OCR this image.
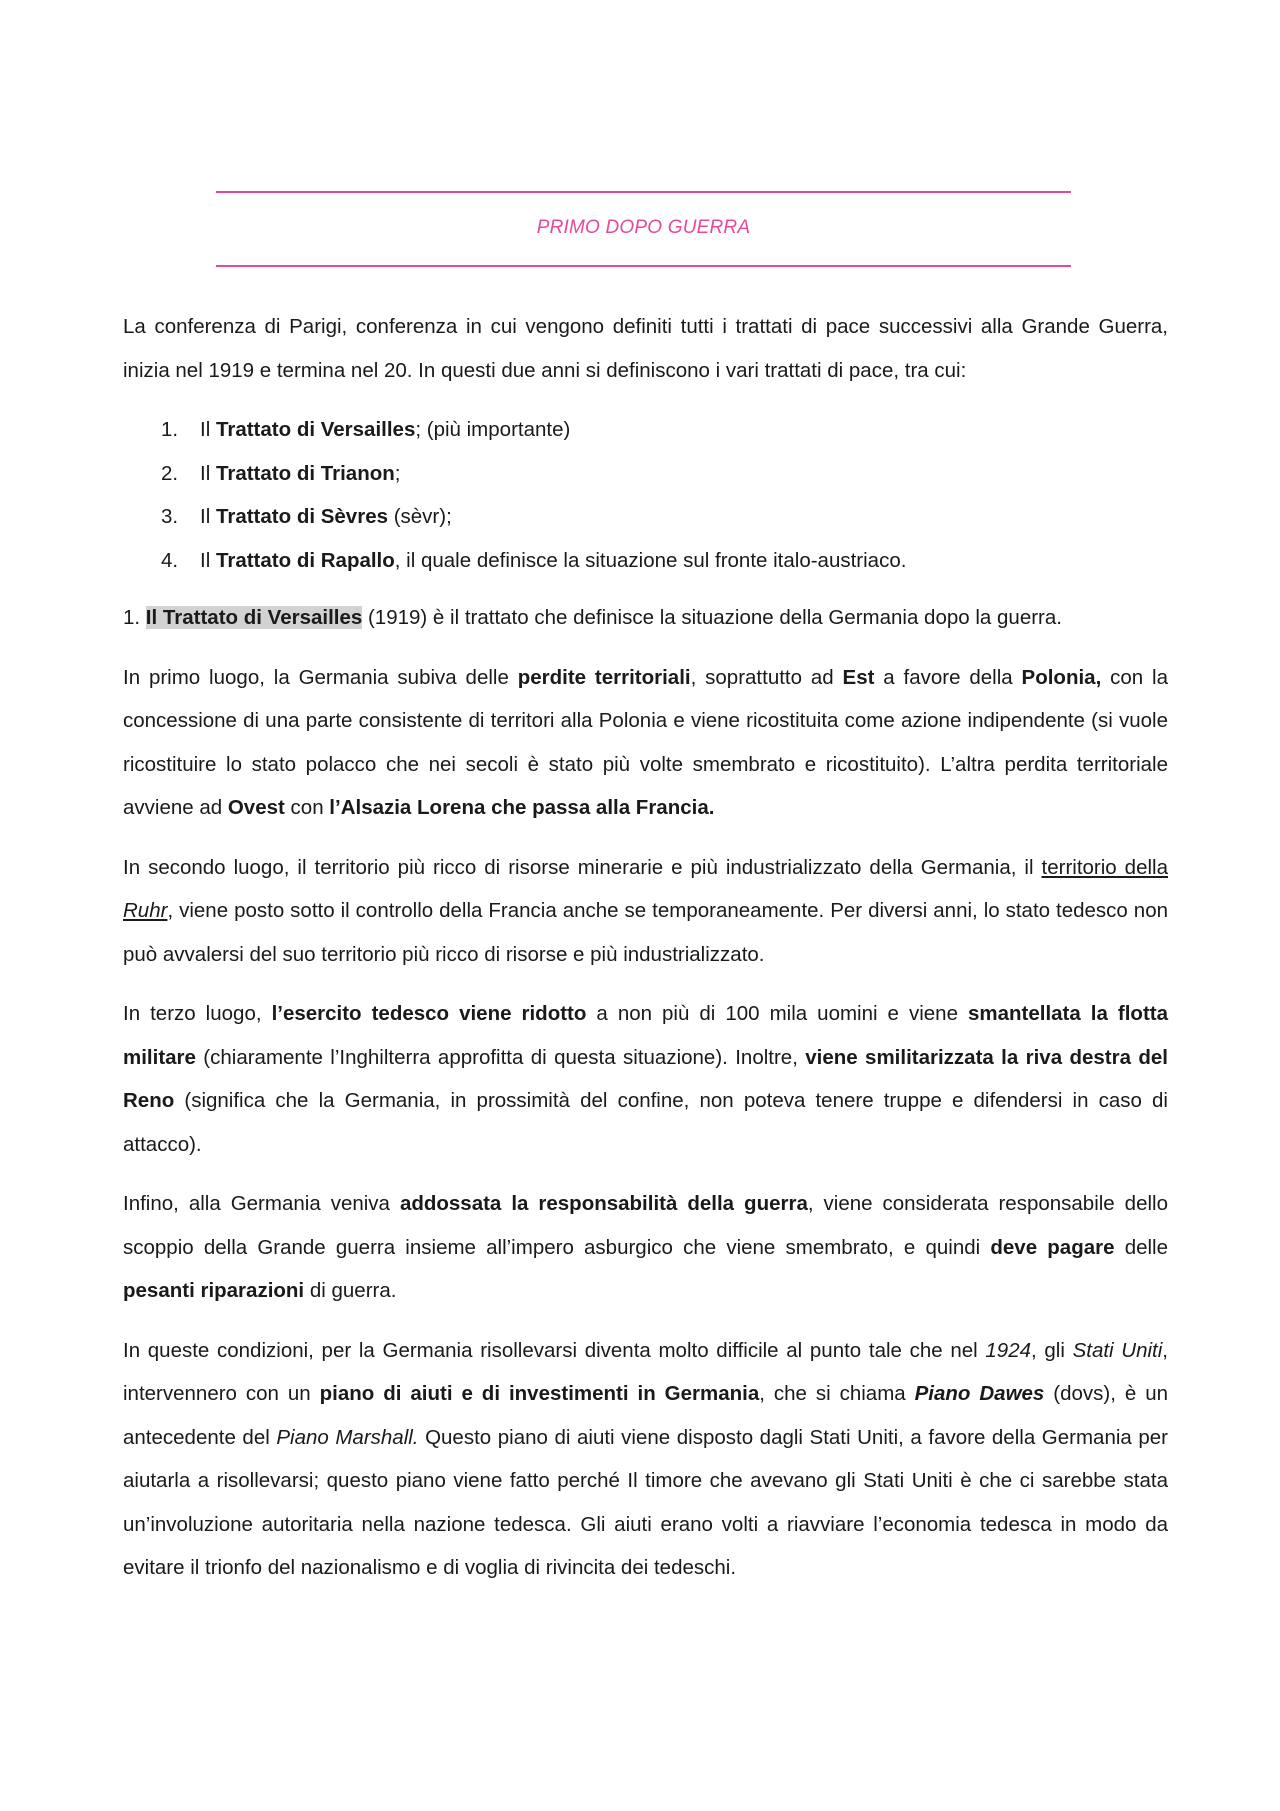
PRIMO DOPO GUERRA

La conferenza di Parigi, conferenza in cui vengono definiti tutti i trattati di pace successivi alla Grande Guerra, inizia nel 1919 e termina nel 20. In questi due anni si definiscono i vari trattati di pace, tra cui:

1. Il Trattato di Versailles; (più importante)
2. Il Trattato di Trianon;
3. Il Trattato di Sèvres (sèvr);
4. Il Trattato di Rapallo, il quale definisce la situazione sul fronte italo-austriaco.

1. Il Trattato di Versailles (1919) è il trattato che definisce la situazione della Germania dopo la guerra.

In primo luogo, la Germania subiva delle perdite territoriali, soprattutto ad Est a favore della Polonia, con la concessione di una parte consistente di territori alla Polonia e viene ricostituita come azione indipendente (si vuole ricostituire lo stato polacco che nei secoli è stato più volte smembrato e ricostituito). L’altra perdita territoriale avviene ad Ovest con l’Alsazia Lorena che passa alla Francia.

In secondo luogo, il territorio più ricco di risorse minerarie e più industrializzato della Germania, il territorio della Ruhr, viene posto sotto il controllo della Francia anche se temporaneamente. Per diversi anni, lo stato tedesco non può avvalersi del suo territorio più ricco di risorse e più industrializzato.

In terzo luogo, l’esercito tedesco viene ridotto a non più di 100 mila uomini e viene smantellata la flotta militare (chiaramente l’Inghilterra approfitta di questa situazione). Inoltre, viene smilitarizzata la riva destra del Reno (significa che la Germania, in prossimità del confine, non poteva tenere truppe e difendersi in caso di attacco).

Infino, alla Germania veniva addossata la responsabilità della guerra, viene considerata responsabile dello scoppio della Grande guerra insieme all’impero asburgico che viene smembrato, e quindi deve pagare delle pesanti riparazioni di guerra.

In queste condizioni, per la Germania risollevarsi diventa molto difficile al punto tale che nel 1924, gli Stati Uniti, intervennero con un piano di aiuti e di investimenti in Germania, che si chiama Piano Dawes (dovs), è un antecedente del Piano Marshall. Questo piano di aiuti viene disposto dagli Stati Uniti, a favore della Germania per aiutarla a risollevarsi; questo piano viene fatto perché Il timore che avevano gli Stati Uniti è che ci sarebbe stata un’involuzione autoritaria nella nazione tedesca. Gli aiuti erano volti a riavviare l’economia tedesca in modo da evitare il trionfo del nazionalismo e di voglia di rivincita dei tedeschi.
